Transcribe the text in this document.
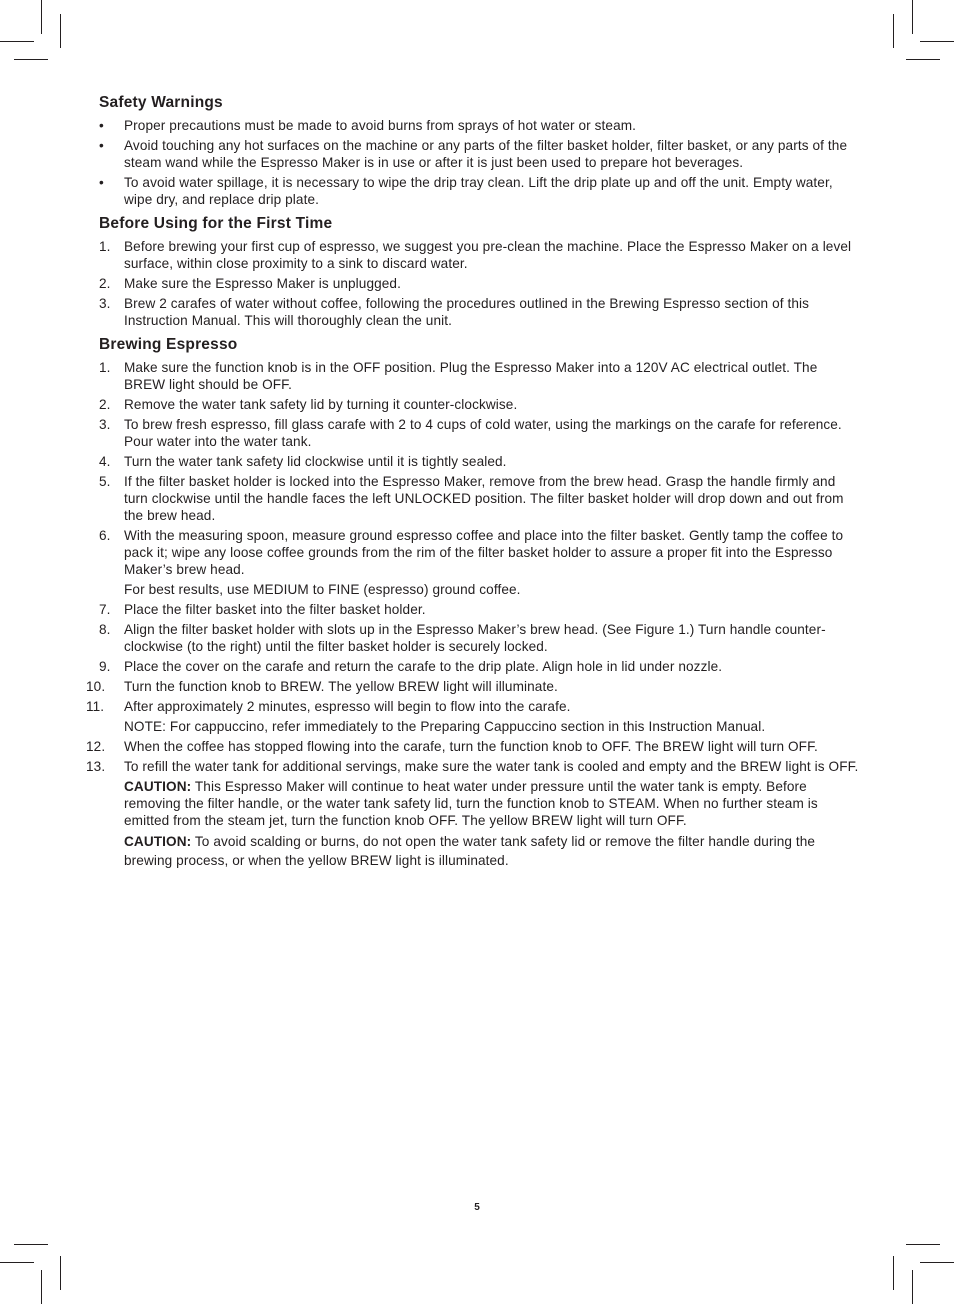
Safety Warnings
• Proper precautions must be made to avoid burns from sprays of hot water or steam.
• Avoid touching any hot surfaces on the machine or any parts of the filter basket holder, filter basket, or any parts of the steam wand while the Espresso Maker is in use or after it is just been used to prepare hot beverages.
• To avoid water spillage, it is necessary to wipe the drip tray clean. Lift the drip plate up and off the unit. Empty water, wipe dry, and replace drip plate.
Before Using for the First Time
1. Before brewing your first cup of espresso, we suggest you pre-clean the machine. Place the Espresso Maker on a level surface, within close proximity to a sink to discard water.
2. Make sure the Espresso Maker is unplugged.
3. Brew 2 carafes of water without coffee, following the procedures outlined in the Brewing Espresso section of this Instruction Manual. This will thoroughly clean the unit.
Brewing Espresso
1. Make sure the function knob is in the OFF position. Plug the Espresso Maker into a 120V AC electrical outlet. The BREW light should be OFF.
2. Remove the water tank safety lid by turning it counter-clockwise.
3. To brew fresh espresso, fill glass carafe with 2 to 4 cups of cold water, using the markings on the carafe for reference. Pour water into the water tank.
4. Turn the water tank safety lid clockwise until it is tightly sealed.
5. If the filter basket holder is locked into the Espresso Maker, remove from the brew head. Grasp the handle firmly and turn clockwise until the handle faces the left UNLOCKED position. The filter basket holder will drop down and out from the brew head.
6. With the measuring spoon, measure ground espresso coffee and place into the filter basket. Gently tamp the coffee to pack it; wipe any loose coffee grounds from the rim of the filter basket holder to assure a proper fit into the Espresso Maker’s brew head.
For best results, use MEDIUM to FINE (espresso) ground coffee.
7. Place the filter basket into the filter basket holder.
8. Align the filter basket holder with slots up in the Espresso Maker’s brew head. (See Figure 1.) Turn handle counter-clockwise (to the right) until the filter basket holder is securely locked.
9. Place the cover on the carafe and return the carafe to the drip plate. Align hole in lid under nozzle.
10. Turn the function knob to BREW. The yellow BREW light will illuminate.
11. After approximately 2 minutes, espresso will begin to flow into the carafe.
NOTE: For cappuccino, refer immediately to the Preparing Cappuccino section in this Instruction Manual.
12. When the coffee has stopped flowing into the carafe, turn the function knob to OFF. The BREW light will turn OFF.
13. To refill the water tank for additional servings, make sure the water tank is cooled and empty and the BREW light is OFF.
CAUTION: This Espresso Maker will continue to heat water under pressure until the water tank is empty. Before removing the filter handle, or the water tank safety lid, turn the function knob to STEAM. When no further steam is emitted from the steam jet, turn the function knob OFF. The yellow BREW light will turn OFF.
CAUTION: To avoid scalding or burns, do not open the water tank safety lid or remove the filter handle during the brewing process, or when the yellow BREW light is illuminated.
5
